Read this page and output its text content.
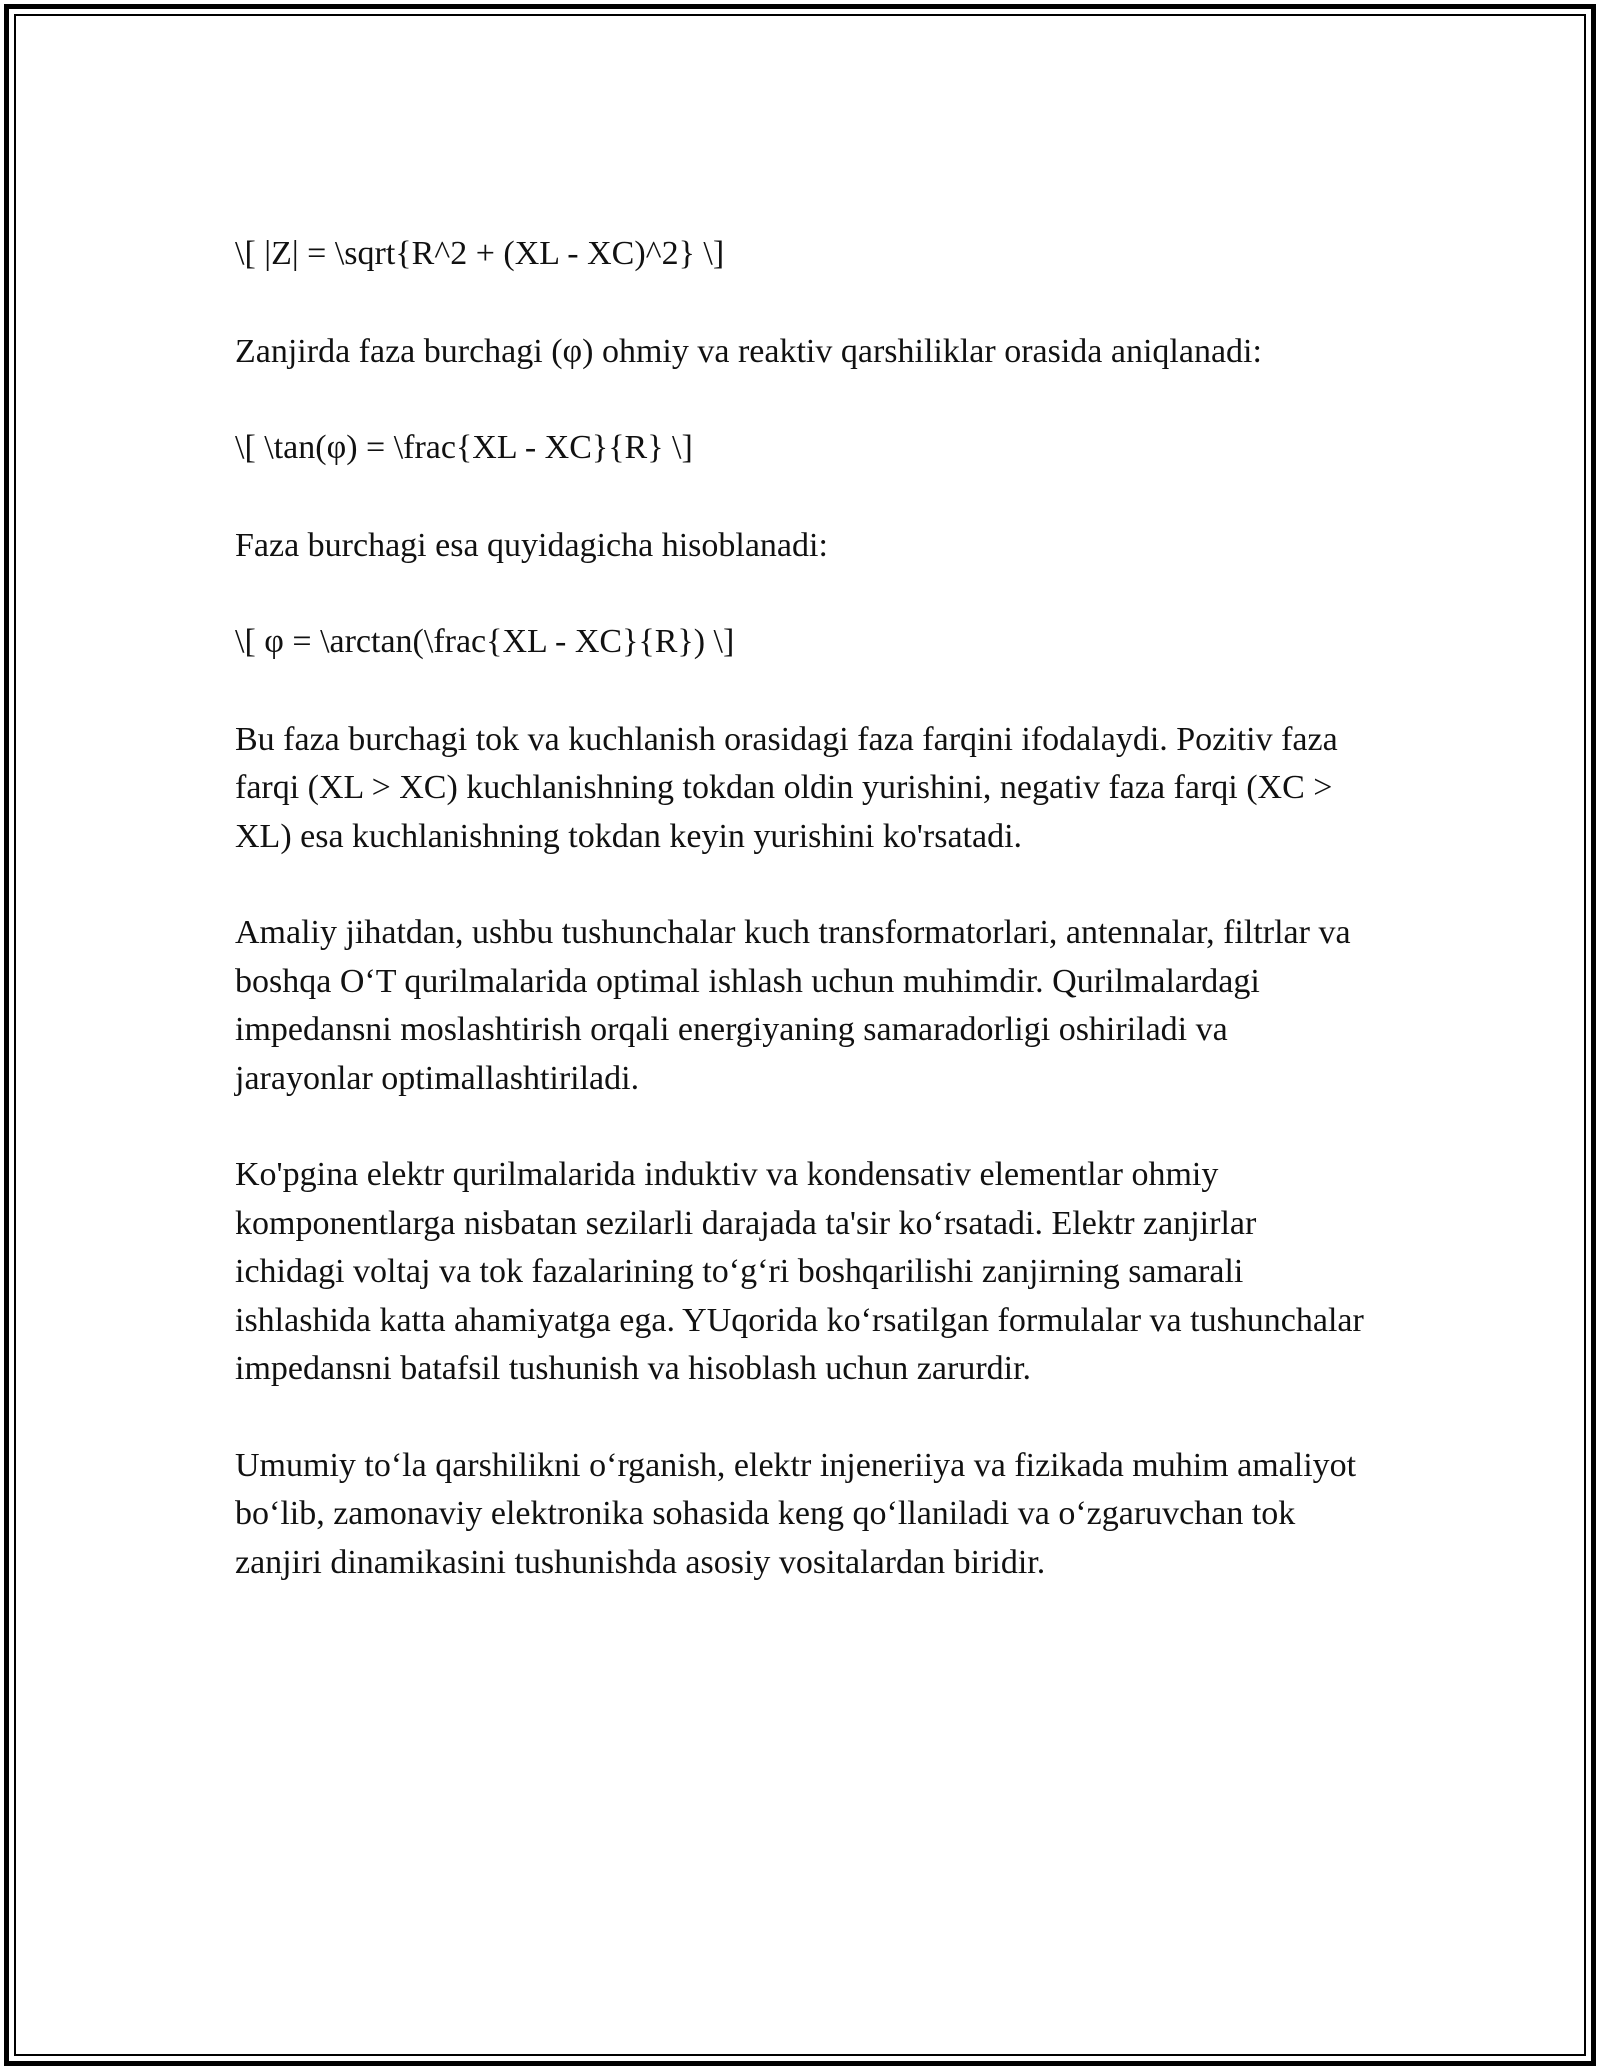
\[ |Z| = \sqrt{R^2 + (XL - XC)^2} \]

Zanjirda faza burchagi (φ) ohmiy va reaktiv qarshiliklar orasida aniqlanadi:

\[ \tan(φ) = \frac{XL - XC}{R} \]

Faza burchagi esa quyidagicha hisoblanadi:

\[ φ = \arctan(\frac{XL - XC}{R}) \]

Bu faza burchagi tok va kuchlanish orasidagi faza farqini ifodalaydi. Pozitiv faza farqi (XL > XC) kuchlanishning tokdan oldin yurishini, negativ faza farqi (XC > XL) esa kuchlanishning tokdan keyin yurishini ko'rsatadi.

Amaliy jihatdan, ushbu tushunchalar kuch transformatorlari, antennalar, filtrlar va boshqa O‘T qurilmalarida optimal ishlash uchun muhimdir. Qurilmalardagi impedansni moslashtirish orqali energiyaning samaradorligi oshiriladi va jarayonlar optimallashtiriladi.

Ko'pgina elektr qurilmalarida induktiv va kondensativ elementlar ohmiy komponentlarga nisbatan sezilarli darajada ta'sir ko‘rsatadi. Elektr zanjirlar ichidagi voltaj va tok fazalarining to‘g‘ri boshqarilishi zanjirning samarali ishlashida katta ahamiyatga ega. YUqorida ko‘rsatilgan formulalar va tushunchalar impedansni batafsil tushunish va hisoblash uchun zarurdir.

Umumiy to‘la qarshilikni o‘rganish, elektr injeneriiya va fizikada muhim amaliyot bo‘lib, zamonaviy elektronika sohasida keng qo‘llaniladi va o‘zgaruvchan tok zanjiri dinamikasini tushunishda asosiy vositalardan biridir.
